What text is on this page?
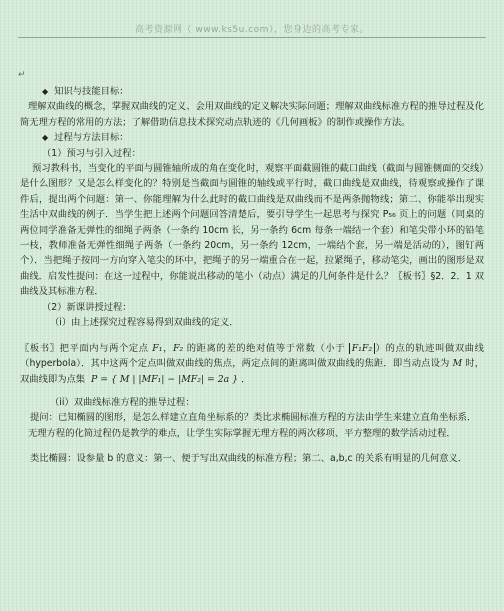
高考资源网（ www.ks5u.com），您身边的高考专家。
↵

◆ 知识与技能目标：

理解双曲线的概念，掌握双曲线的定义、会用双曲线的定义解决实际问题；理解双曲线标准方程的推导过程及化简无理方程的常用的方法；了解借助信息技术探究动点轨迹的《几何画板》的制作或操作方法。

◆ 过程与方法目标：

（1）预习与引入过程：

预习教科书，当变化的平面与圆锥轴所成的角在变化时，观察平面截圆锥的截口曲线（截面与圆锥侧面的交线）是什么图形？又是怎么样变化的？特别是当截面与圆锥的轴线或平行时，截口曲线是双曲线，待观察或操作了课件后，提出两个问题：第一、你能理解为什么此时的截口曲线是双曲线而不是两条抛物线；第二、你能举出现实生活中双曲线的例子．当学生把上述两个问题回答清楚后，要引导学生一起思考与探究 P₅₆ 页上的问题（同桌的两位同学准备无弹性的细绳子两条（一条约 10cm 长，另一条约 6cm 每条一端结一个套）和笔尖带小环的铅笔一枝，教师准备无弹性细绳子两条（一条约 20cm，另一条约 12cm，一端结个套，另一端是活动的），图钉两个）．当把绳子按同一方向穿入笔尖的环中，把绳子的另一端重合在一起，拉紧绳子，移动笔尖，画出的图形是双曲线．启发性提问：在这一过程中，你能说出移动的笔小（动点）满足的几何条件是什么？〖板书〗§2．2．1 双曲线及其标准方程．

（2）新课讲授过程：

（i）由上述探究过程容易得到双曲线的定义．

〖板书〗把平面内与两个定点 F₁，F₂ 的距离的差的绝对值等于常数（小于 F₁F₂ ）的点的轨迹叫做双曲线（hyperbola）．其中这两个定点叫做双曲线的焦点，两定点间的距离叫做双曲线的焦距．即当动点设为 M 时，双曲线即为点集 P = { M | |MF₁| − |MF₂| = 2a } ．

（ii）双曲线标准方程的推导过程：

提问：已知椭圆的图形，是怎么样建立直角坐标系的？类比求椭圆标准方程的方法由学生来建立直角坐标系．

无理方程的化简过程仍是教学的难点，让学生实际掌握无理方程的两次移项、平方整理的数学活动过程．

类比椭圆：设参量 b 的意义：第一、便于写出双曲线的标准方程；第二、a,b,c 的关系有明显的几何意义．
